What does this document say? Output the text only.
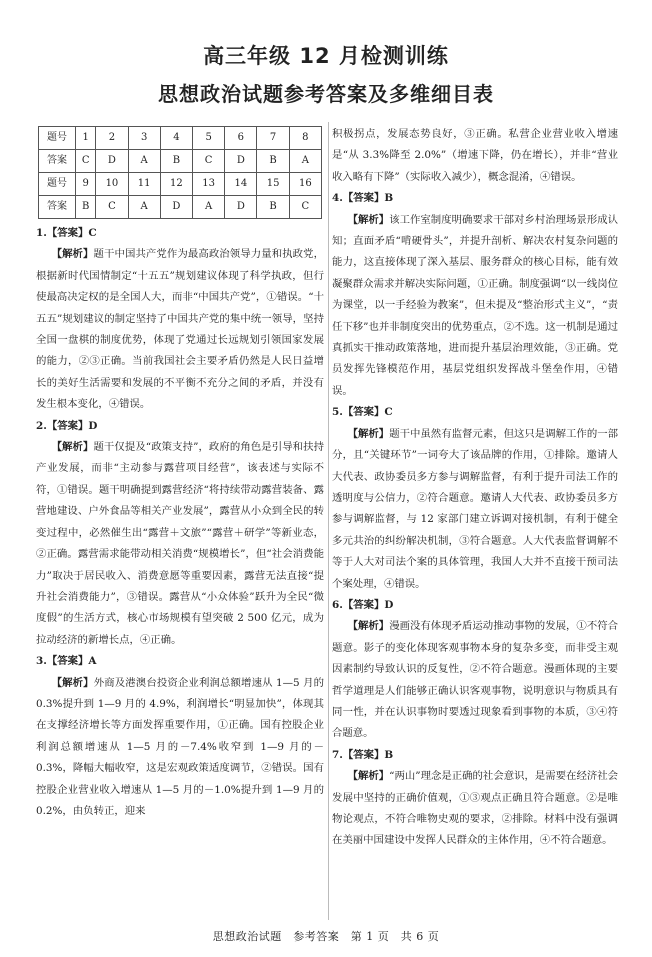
高三年级 12 月检测训练
思想政治试题参考答案及多维细目表
题号	1	2	3	4	5	6	7	8
答案	C	D	A	B	C	D	B	A
题号	9	10	11	12	13	14	15	16
答案	B	C	A	D	A	D	B	C
1.【答案】C

【解析】题干中国共产党作为最高政治领导力量和执政党，根据新时代国情制定“十五五”规划建议体现了科学执政，但行使最高决定权的是全国人大，而非“中国共产党”，①错误。“十五五”规划建议的制定坚持了中国共产党的集中统一领导，坚持全国一盘棋的制度优势，体现了党通过长远规划引领国家发展的能力，②③正确。当前我国社会主要矛盾仍然是人民日益增长的美好生活需要和发展的不平衡不充分之间的矛盾，并没有发生根本变化，④错误。

2.【答案】D

【解析】题干仅提及“政策支持”，政府的角色是引导和扶持产业发展，而非“主动参与露营项目经营”，该表述与实际不符，①错误。题干明确提到露营经济“将持续带动露营装备、露营地建设、户外食品等相关产业发展”，露营从小众到全民的转变过程中，必然催生出“露营＋文旅”“露营＋研学”等新业态，②正确。露营需求能带动相关消费“规模增长”，但“社会消费能力”取决于居民收入、消费意愿等重要因素，露营无法直接“提升社会消费能力”，③错误。露营从“小众体验”跃升为全民“微度假”的生活方式，核心市场规模有望突破 2 500 亿元，成为拉动经济的新增长点，④正确。

3.【答案】A

【解析】外商及港澳台投资企业利润总额增速从 1—5 月的 0.3%提升到 1—9 月的 4.9%，利润增长“明显加快”，体现其在支撑经济增长等方面发挥重要作用，①正确。国有控股企业利润总额增速从 1—5 月的－7.4%收窄到 1—9 月的－0.3%，降幅大幅收窄，这是宏观政策适度调节，②错误。国有控股企业营业收入增速从 1—5 月的－1.0%提升到 1—9 月的 0.2%，由负转正，迎来

积极拐点，发展态势良好，③正确。私营企业营业收入增速是“从 3.3%降至 2.0%”（增速下降，仍在增长），并非“营业收入略有下降”（实际收入减少），概念混淆，④错误。

4.【答案】B

【解析】该工作室制度明确要求干部对乡村治理场景形成认知；直面矛盾“啃硬骨头”，并提升剖析、解决农村复杂问题的能力，这直接体现了深入基层、服务群众的核心目标，能有效凝聚群众需求并解决实际问题，①正确。制度强调“以一线岗位为课堂，以一手经验为教案”，但未提及“整治形式主义”，“责任下移”也并非制度突出的优势重点，②不选。这一机制是通过真抓实干推动政策落地，进而提升基层治理效能，③正确。党员发挥先锋模范作用，基层党组织发挥战斗堡垒作用，④错误。

5.【答案】C

【解析】题干中虽然有监督元素，但这只是调解工作的一部分，且“关键环节”一词夸大了该品牌的作用，①排除。邀请人大代表、政协委员多方参与调解监督，有利于提升司法工作的透明度与公信力，②符合题意。邀请人大代表、政协委员多方参与调解监督，与 12 家部门建立诉调对接机制，有利于健全多元共治的纠纷解决机制，③符合题意。人大代表监督调解不等于人大对司法个案的具体管理，我国人大并不直接干预司法个案处理，④错误。

6.【答案】D

【解析】漫画没有体现矛盾运动推动事物的发展，①不符合题意。影子的变化体现客观事物本身的复杂多变，而非受主观因素制约导致认识的反复性，②不符合题意。漫画体现的主要哲学道理是人们能够正确认识客观事物，说明意识与物质具有同一性，并在认识事物时要透过现象看到事物的本质，③④符合题意。

7.【答案】B

【解析】“两山”理念是正确的社会意识，是需要在经济社会发展中坚持的正确价值观，①③观点正确且符合题意。②是唯物论观点，不符合唯物史观的要求，②排除。材料中没有强调在美丽中国建设中发挥人民群众的主体作用，④不符合题意。

思想政治试题　参考答案　第 1 页　共 6 页
